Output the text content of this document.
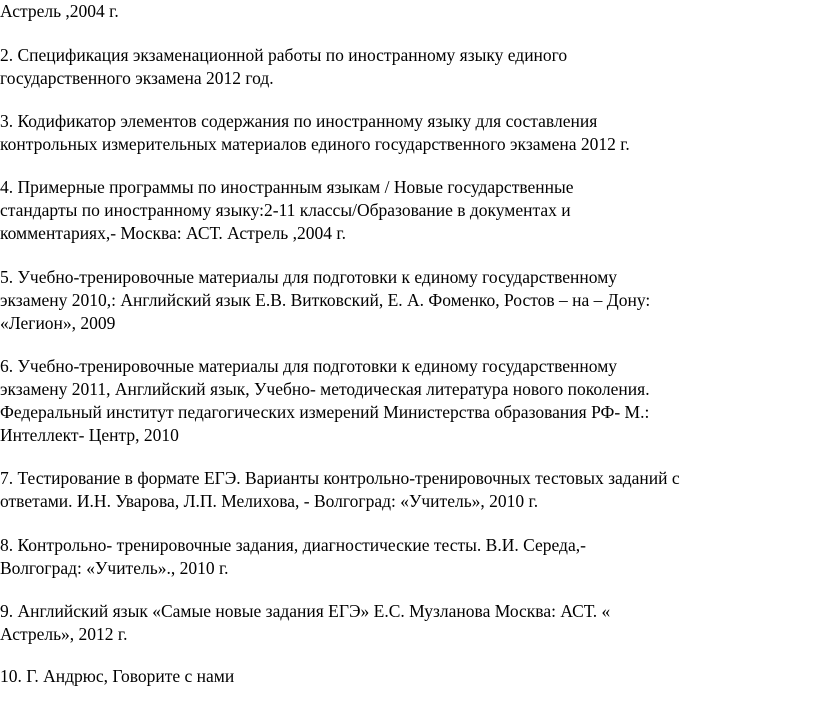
Астрель ,2004 г.

2. Спецификация экзаменационной работы по иностранному языку единого
государственного экзамена 2012 год.

3. Кодификатор элементов содержания по иностранному языку для составления
контрольных измерительных материалов единого государственного экзамена 2012 г.

4. Примерные программы по иностранным языкам / Новые государственные
стандарты по иностранному языку:2-11 классы/Образование в документах и
комментариях,- Москва: АСТ. Астрель ,2004 г.

5. Учебно-тренировочные материалы для подготовки к единому государственному
экзамену 2010,: Английский язык Е.В. Витковский, Е. А. Фоменко, Ростов – на – Дону:
«Легион», 2009

6. Учебно-тренировочные материалы для подготовки к единому государственному
экзамену 2011, Английский язык, Учебно- методическая литература нового поколения.
Федеральный институт педагогических измерений Министерства образования РФ- М.:
Интеллект- Центр, 2010

7. Тестирование в формате ЕГЭ. Варианты контрольно-тренировочных тестовых заданий с
ответами. И.Н. Уварова, Л.П. Мелихова, - Волгоград: «Учитель», 2010 г.

8. Контрольно- тренировочные задания, диагностические тесты. В.И. Середа,-
Волгоград: «Учитель»., 2010 г.

9. Английский язык «Самые новые задания ЕГЭ» Е.С. Музланова Москва: АСТ. «
Астрель», 2012 г.

10. Г. Андрюс, Говорите с нами
